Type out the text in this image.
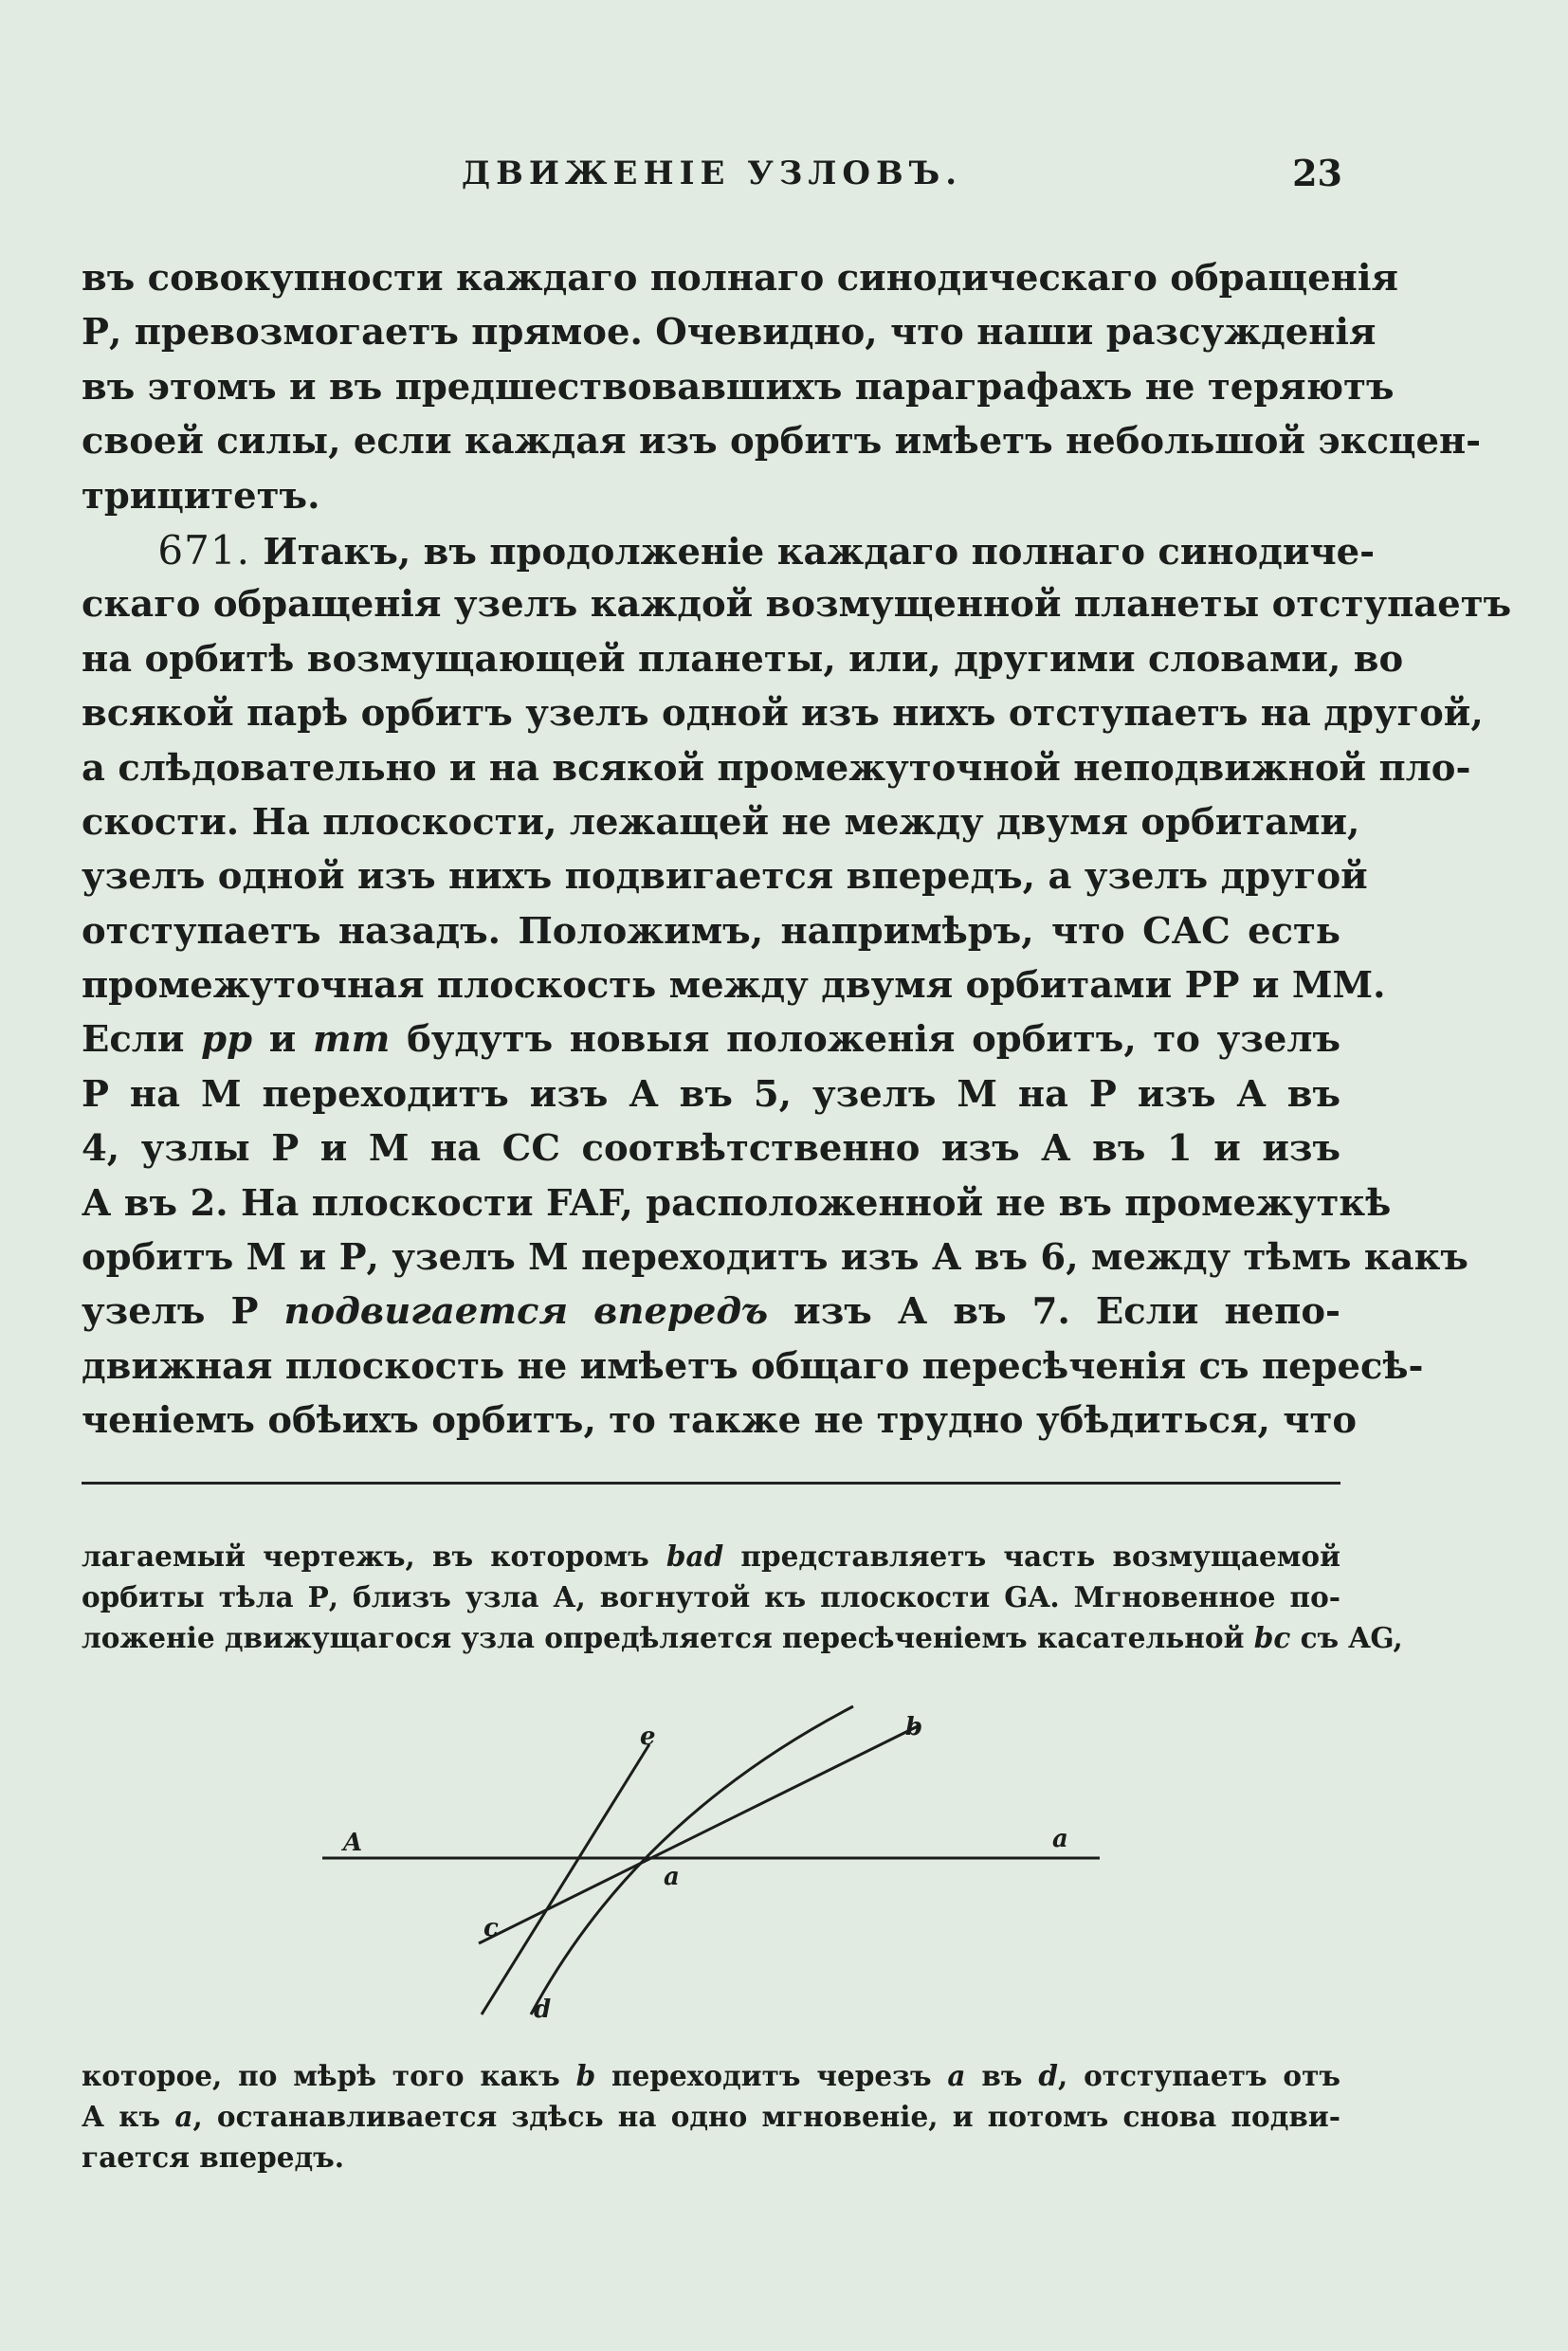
ДВИЖЕНІЕ УЗЛОВЪ.	23
въ совокупности каждаго полнаго синодическаго обращенія
Р, превозмогаетъ прямое. Очевидно, что наши разсужденія
въ этомъ и въ предшествовавшихъ параграфахъ не теряютъ
своей силы, если каждая изъ орбитъ имѣетъ небольшой эксцен-
трицитетъ.
671. Итакъ, въ продолженіе каждаго полнаго синодиче-
скаго обращенія узелъ каждой возмущенной планеты отступаетъ
на орбитѣ возмущающей планеты, или, другими словами, во
всякой парѣ орбитъ узелъ одной изъ нихъ отступаетъ на другой,
а слѣдовательно и на всякой промежуточной неподвижной пло-
скости. На плоскости, лежащей не между двумя орбитами,
узелъ одной изъ нихъ подвигается впередъ, а узелъ другой
отступаетъ назадъ. Положимъ, напримѣръ, что САС есть
промежуточная плоскость между двумя орбитами РР и ММ.
Если pp и mm будутъ новыя положенія орбитъ, то узелъ
Р на М переходитъ изъ А въ 5, узелъ М на Р изъ А въ
4, узлы Р и М на СС соотвѣтственно изъ А въ 1 и изъ
А въ 2. На плоскости FAF, расположенной не въ промежуткѣ
орбитъ М и Р, узелъ М переходитъ изъ А въ 6, между тѣмъ какъ
узелъ Р подвигается впередъ изъ А въ 7. Если непо-
движная плоскость не имѣетъ общаго пересѣченія съ пересѣ-
ченіемъ обѣихъ орбитъ, то также не трудно убѣдиться, что
лагаемый чертежъ, въ которомъ bad представляетъ часть возмущаемой
орбиты тѣла Р, близъ узла А, вогнутой къ плоскости GA. Мгновенное по-
ложеніе движущагося узла опредѣляется пересѣченіемъ касательной bc съ AG,
A	a
a
b
c
d
e
которое, по мѣрѣ того какъ b переходитъ черезъ a въ d, отступаетъ отъ
А къ a, останавливается здѣсь на одно мгновеніе, и потомъ снова подви-
гается впередъ.
